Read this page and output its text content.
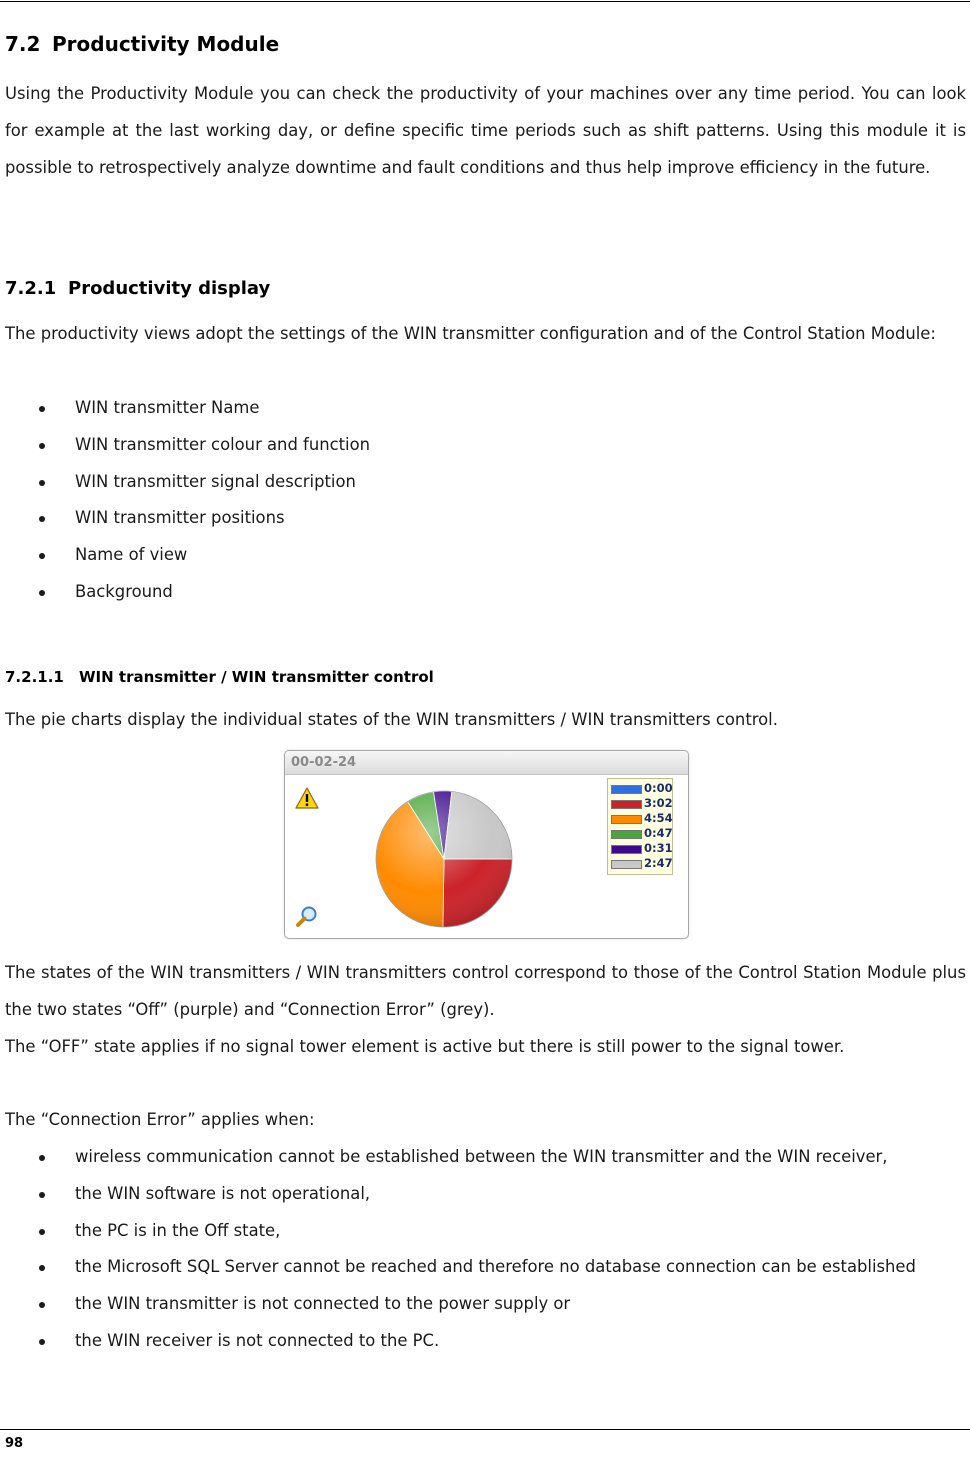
7.2 Productivity Module

Using the Productivity Module you can check the productivity of your machines over any time period. You can look for example at the last working day, or define specific time periods such as shift patterns. Using this module it is possible to retrospectively analyze downtime and fault conditions and thus help improve efficiency in the future.

7.2.1 Productivity display

The productivity views adopt the settings of the WIN transmitter configuration and of the Control Station Module:

WIN transmitter Name
WIN transmitter colour and function
WIN transmitter signal description
WIN transmitter positions
Name of view
Background
7.2.1.1 WIN transmitter / WIN transmitter control

The pie charts display the individual states of the WIN transmitters / WIN transmitters control.

00-02-24
0:00
3:02
4:54
0:47
0:31
2:47

The states of the WIN transmitters / WIN transmitters control correspond to those of the Control Station Module plus the two states “Off” (purple) and “Connection Error” (grey).

The “OFF” state applies if no signal tower element is active but there is still power to the signal tower.

The “Connection Error” applies when:

wireless communication cannot be established between the WIN transmitter and the WIN receiver,
the WIN software is not operational,
the PC is in the Off state,
the Microsoft SQL Server cannot be reached and therefore no database connection can be established
the WIN transmitter is not connected to the power supply or
the WIN receiver is not connected to the PC.
98
